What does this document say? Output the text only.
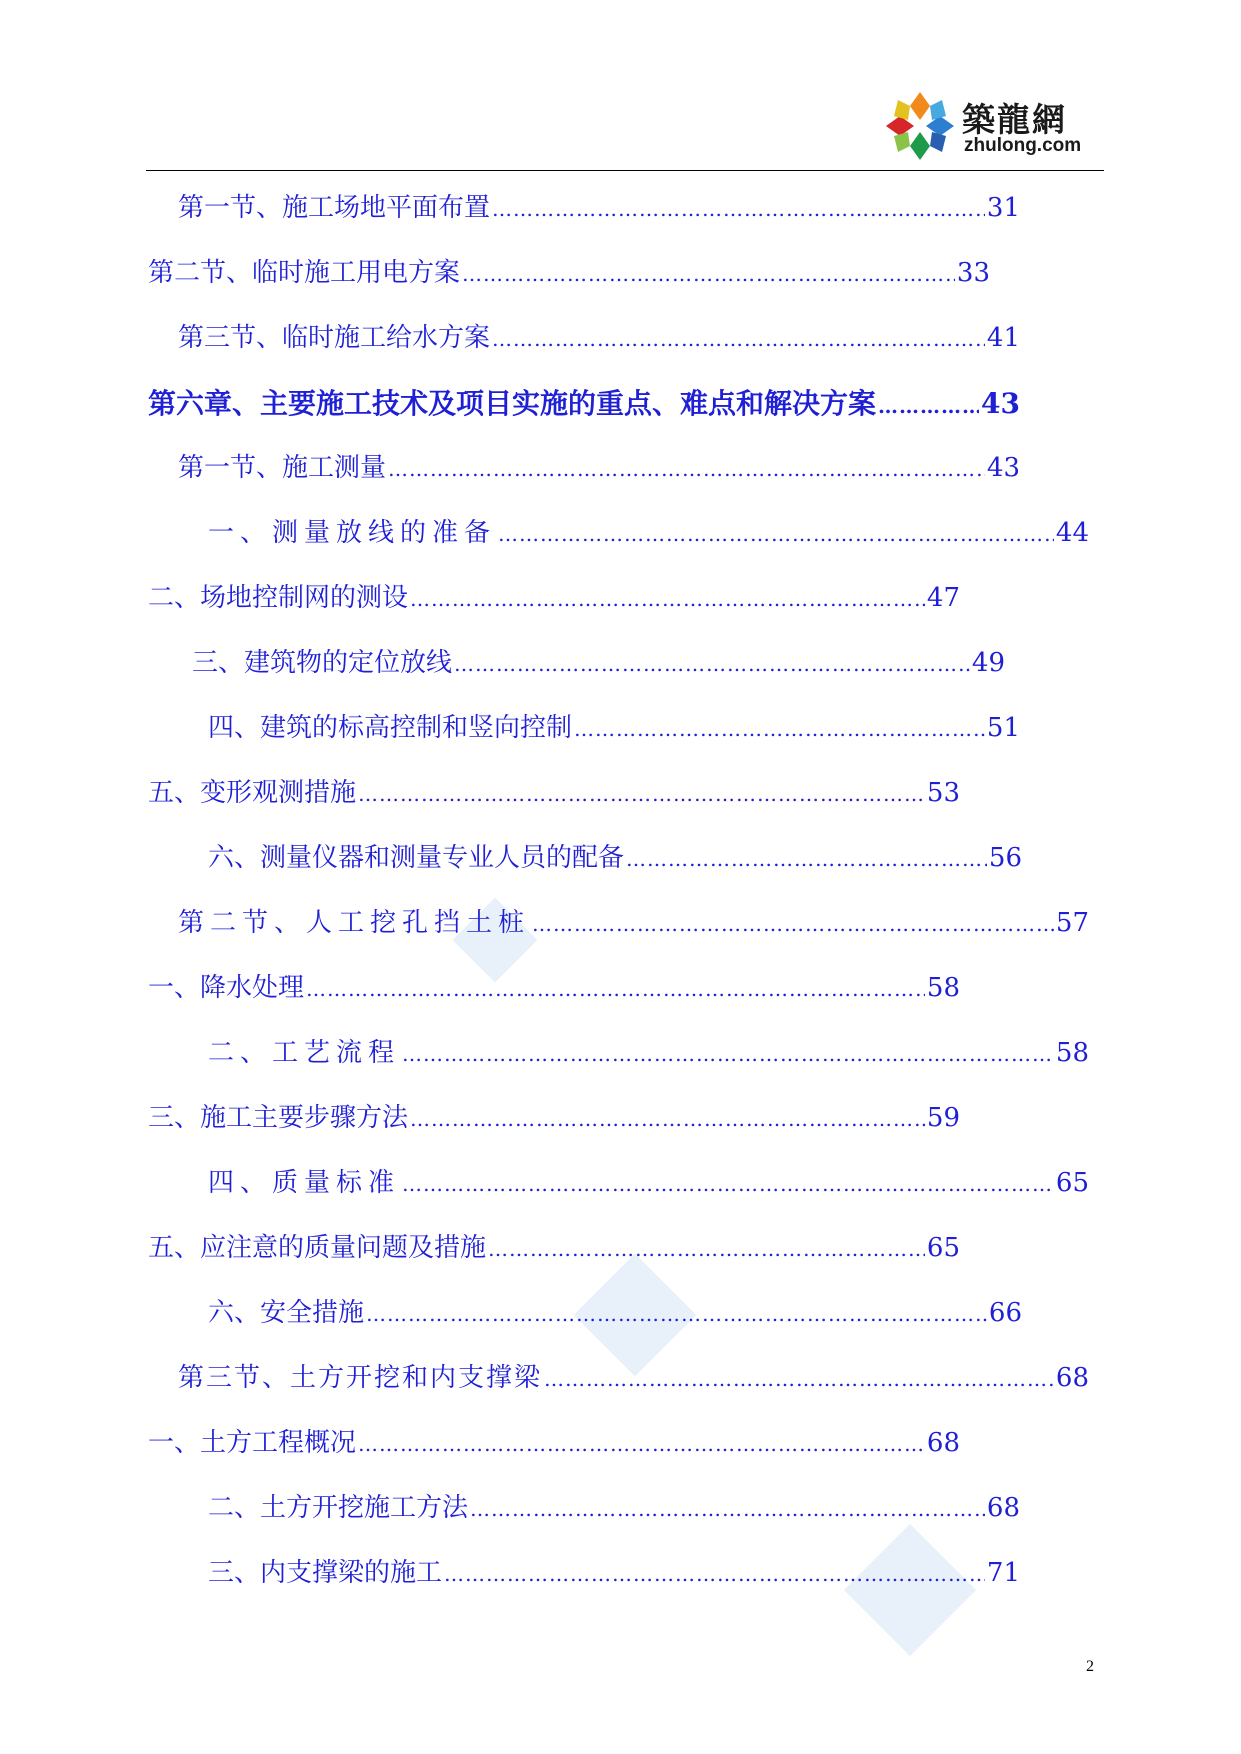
築龍網
zhulong.com
第一节、施工场地平面布置 ………………………………………………………………………………………………………………………………………………………………	31
第二节、临时施工用电方案 ………………………………………………………………………………………………………………………………………………………………	33
第三节、临时施工给水方案 ………………………………………………………………………………………………………………………………………………………………	41
第六章、主要施工技术及项目实施的重点、难点和解决方案 ………………………………………………………………………………………………………………………………………………………………	43
第一节、施工测量 ………………………………………………………………………………………………………………………………………………………………	43
一、测量放线的准备 ………………………………………………………………………………………………………………………………………………………………	44
二、场地控制网的测设 ………………………………………………………………………………………………………………………………………………………………	47
三、建筑物的定位放线 ………………………………………………………………………………………………………………………………………………………………	49
四、建筑的标高控制和竖向控制 ………………………………………………………………………………………………………………………………………………………………	51
五、变形观测措施 ………………………………………………………………………………………………………………………………………………………………	53
六、测量仪器和测量专业人员的配备 ………………………………………………………………………………………………………………………………………………………………	56
第二节、人工挖孔挡土桩 ………………………………………………………………………………………………………………………………………………………………	57
一、降水处理 ………………………………………………………………………………………………………………………………………………………………	58
二、工艺流程 ………………………………………………………………………………………………………………………………………………………………	58
三、施工主要步骤方法 ………………………………………………………………………………………………………………………………………………………………	59
四、质量标准 ………………………………………………………………………………………………………………………………………………………………	65
五、应注意的质量问题及措施 ………………………………………………………………………………………………………………………………………………………………	65
六、安全措施 ………………………………………………………………………………………………………………………………………………………………	66
第三节、土方开挖和内支撑梁 ………………………………………………………………………………………………………………………………………………………………	68
一、土方工程概况 ………………………………………………………………………………………………………………………………………………………………	68
二、土方开挖施工方法 ………………………………………………………………………………………………………………………………………………………………	68
三、内支撑梁的施工 ………………………………………………………………………………………………………………………………………………………………	71
2
